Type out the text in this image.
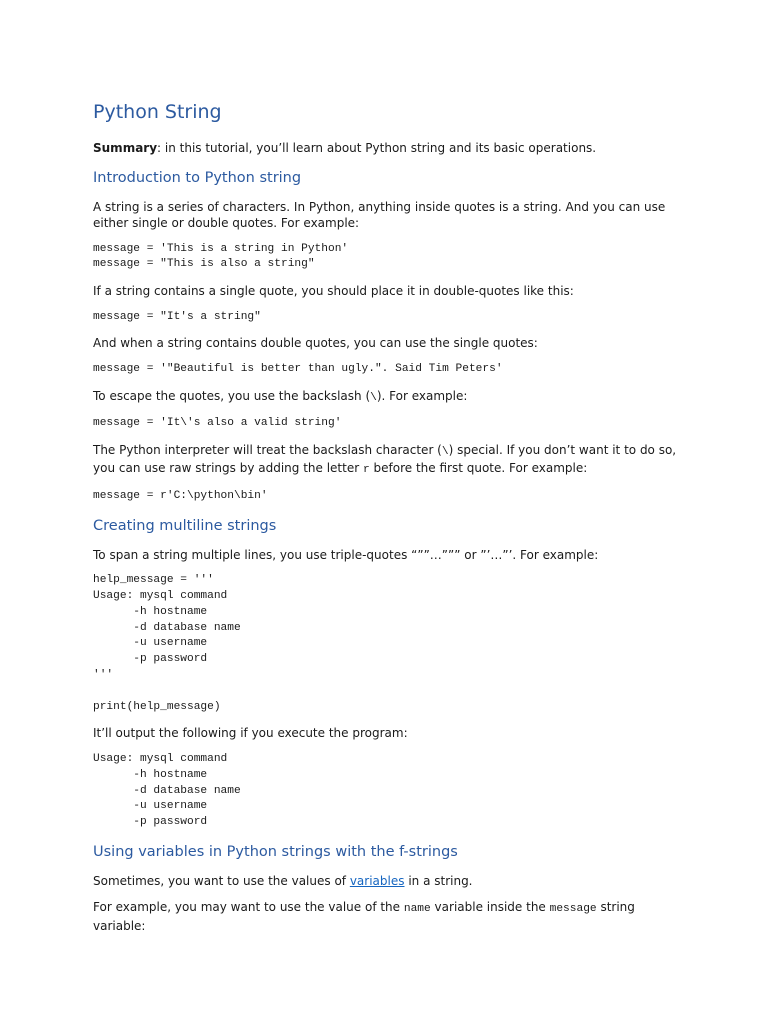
Python String

Summary: in this tutorial, you’ll learn about Python string and its basic operations.

Introduction to Python string

A string is a series of characters. In Python, anything inside quotes is a string. And you can use either single or double quotes. For example:

message = 'This is a string in Python'
message = "This is also a string"

If a string contains a single quote, you should place it in double-quotes like this:

message = "It's a string"

And when a string contains double quotes, you can use the single quotes:

message = '"Beautiful is better than ugly.". Said Tim Peters'

To escape the quotes, you use the backslash (\). For example:

message = 'It\'s also a valid string'

The Python interpreter will treat the backslash character (\) special. If you don’t want it to do so, you can use raw strings by adding the letter r before the first quote. For example:

message = r'C:\python\bin'
Creating multiline strings

To span a string multiple lines, you use triple-quotes “””…””” or ”’…”’. For example:

help_message = '''
Usage: mysql command
-h hostname
-d database name
-u username
-p password
'''

print(help_message)

It’ll output the following if you execute the program:

Usage: mysql command
-h hostname
-d database name
-u username
-p password
Using variables in Python strings with the f-strings

Sometimes, you want to use the values of variables in a string.

For example, you may want to use the value of the name variable inside the message string variable:
